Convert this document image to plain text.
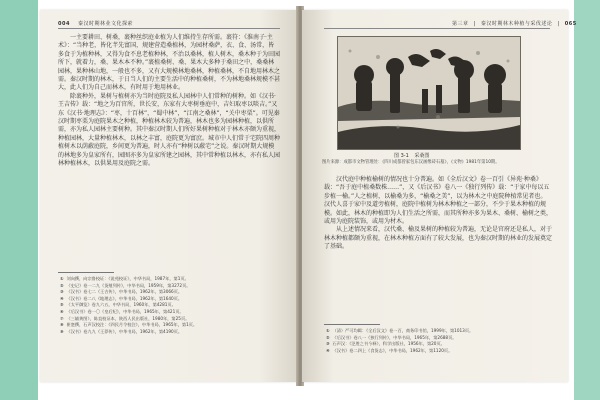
004 秦汉时期林业文化探索

一主要耕田、树桑，裹种丝织庭业植为人们维持生存所需。裹符：《淮南子·主术》：“当种老，皆化芊先富国，规建营造桑植林，为园材桑萨，衣、食、汤常，皆多食于为植种林，又得为食不息老植种林，不治以桑林，植人树木，桑木种于为田园所下，就着力，桑、果木本不种。”裹植桑树、桑、果木大多种于桑田之中，桑桑林园林，果种林山地，一般也不多，又有大规模林地桑林，种植桑林，不自地用林木之需。秦汉时期的林木，于日当人们的主要生活中的种植桑树，不为林地桑林规模不甚大，此人们为自己而林木，有时用于地用林业。

除裹种外，果树与植树亦为当时庭院及私人园林中人们常种的树种。如《汉书·王吉传》载：“地之为百官所，世长安，东家有大枣树垂庭中，吉妇取枣以啖吉。”又东《汉书·地理志》：“枣，十百林”，“蜀中林”，“江南之桑林”，“关中枣栗”。可见秦汉时期枣栗为庭院果木之种植，种植林木较为普遍，林木也多为园林种植，以供所需，亦为私人园林主要树种。其中秦汉时期人们所好果树种植对于林木亦颇为重视，种植园林，大量种植林木，以林之丰富，庭院更为富庶。城市中人们常于宅院四周种植树木以荫蔽庭院，乡间更为普遍，时人亦有“种树以蔽宅”之说。秦汉时期大规模的林地多为皇家所有，园囿亦多为皇家所建之园林，其中常种植以林木，亦有私人园林种植林木，以供果用及庭院之需。

① 刘向撰，向宗鲁校证：《说苑校证》，中华书局，1987年，第1页。

② 《史记》卷一二九《货殖列传》，中华书局，1959年，第3272页。

③ 《汉书》卷七二《王吉传》，中华书局，1962年，第3066页。

④ 《汉书》卷二八《地理志》，中华书局，1962年，第1640页。

⑤ 《太平御览》卷九六五，中华书局，1960年，第4281页。

⑥ 《后汉书》卷一〇《皇后纪》，中华书局，1965年，第421页。

⑦ 《三辅黄图》，陈直校证本，陕西人民出版社，1980年，第25页。

⑧ 崔寔撰，石声汉校注：《四民月令校注》，中华书局，1965年，第1页。

⑨ 《汉书》卷九九《王莽传》，中华书局，1962年，第4190页。

第三章 | 秦汉时期林木种植与采伐述论 | 065
图 3-1 采桑图
图片来源：成都市文物管理处：《四川成都曾家包东汉画像砖石墓》，《文物》1981年第10期。

汉代庭中种植榆树的情况也十分普遍。如《全后汉文》卷一百引《异苑·种桑》载：“吾于庭中植桑数株……”，又《后汉书》卷八一《独行列传》载：“于家中每以五步植一榆。”人之植树，以榆桑为多，“榆桑之美”，以为林木之中庭院种植常见者也。汉代人喜于家中及道旁植树，庭院中植树为林木种植之一部分，不少于果木种植的规模。如此，林木的种植即为人们生活之所需，而其所种亦多为果木、桑树、榆树之类，或用为庭院装饰，或用为材木。

从上述情况来看，汉代桑、榆及果树的种植较为普遍，无论是官府还是私人，对于林木种植都颇为重视，在林木种植方面有了较大发展，也为秦汉时期的林业的发展奠定了基础。

① （清）严可均辑：《全后汉文》卷一百，商务印书馆，1999年，第1013页。

② 《后汉书》卷八一《独行列传》，中华书局，1965年，第2688页。

③ 石声汉：《氾胜之书今释》，科学出版社，1956年，第20页。

④ 《汉书》卷二四上《食货志》，中华书局，1962年，第1120页。
